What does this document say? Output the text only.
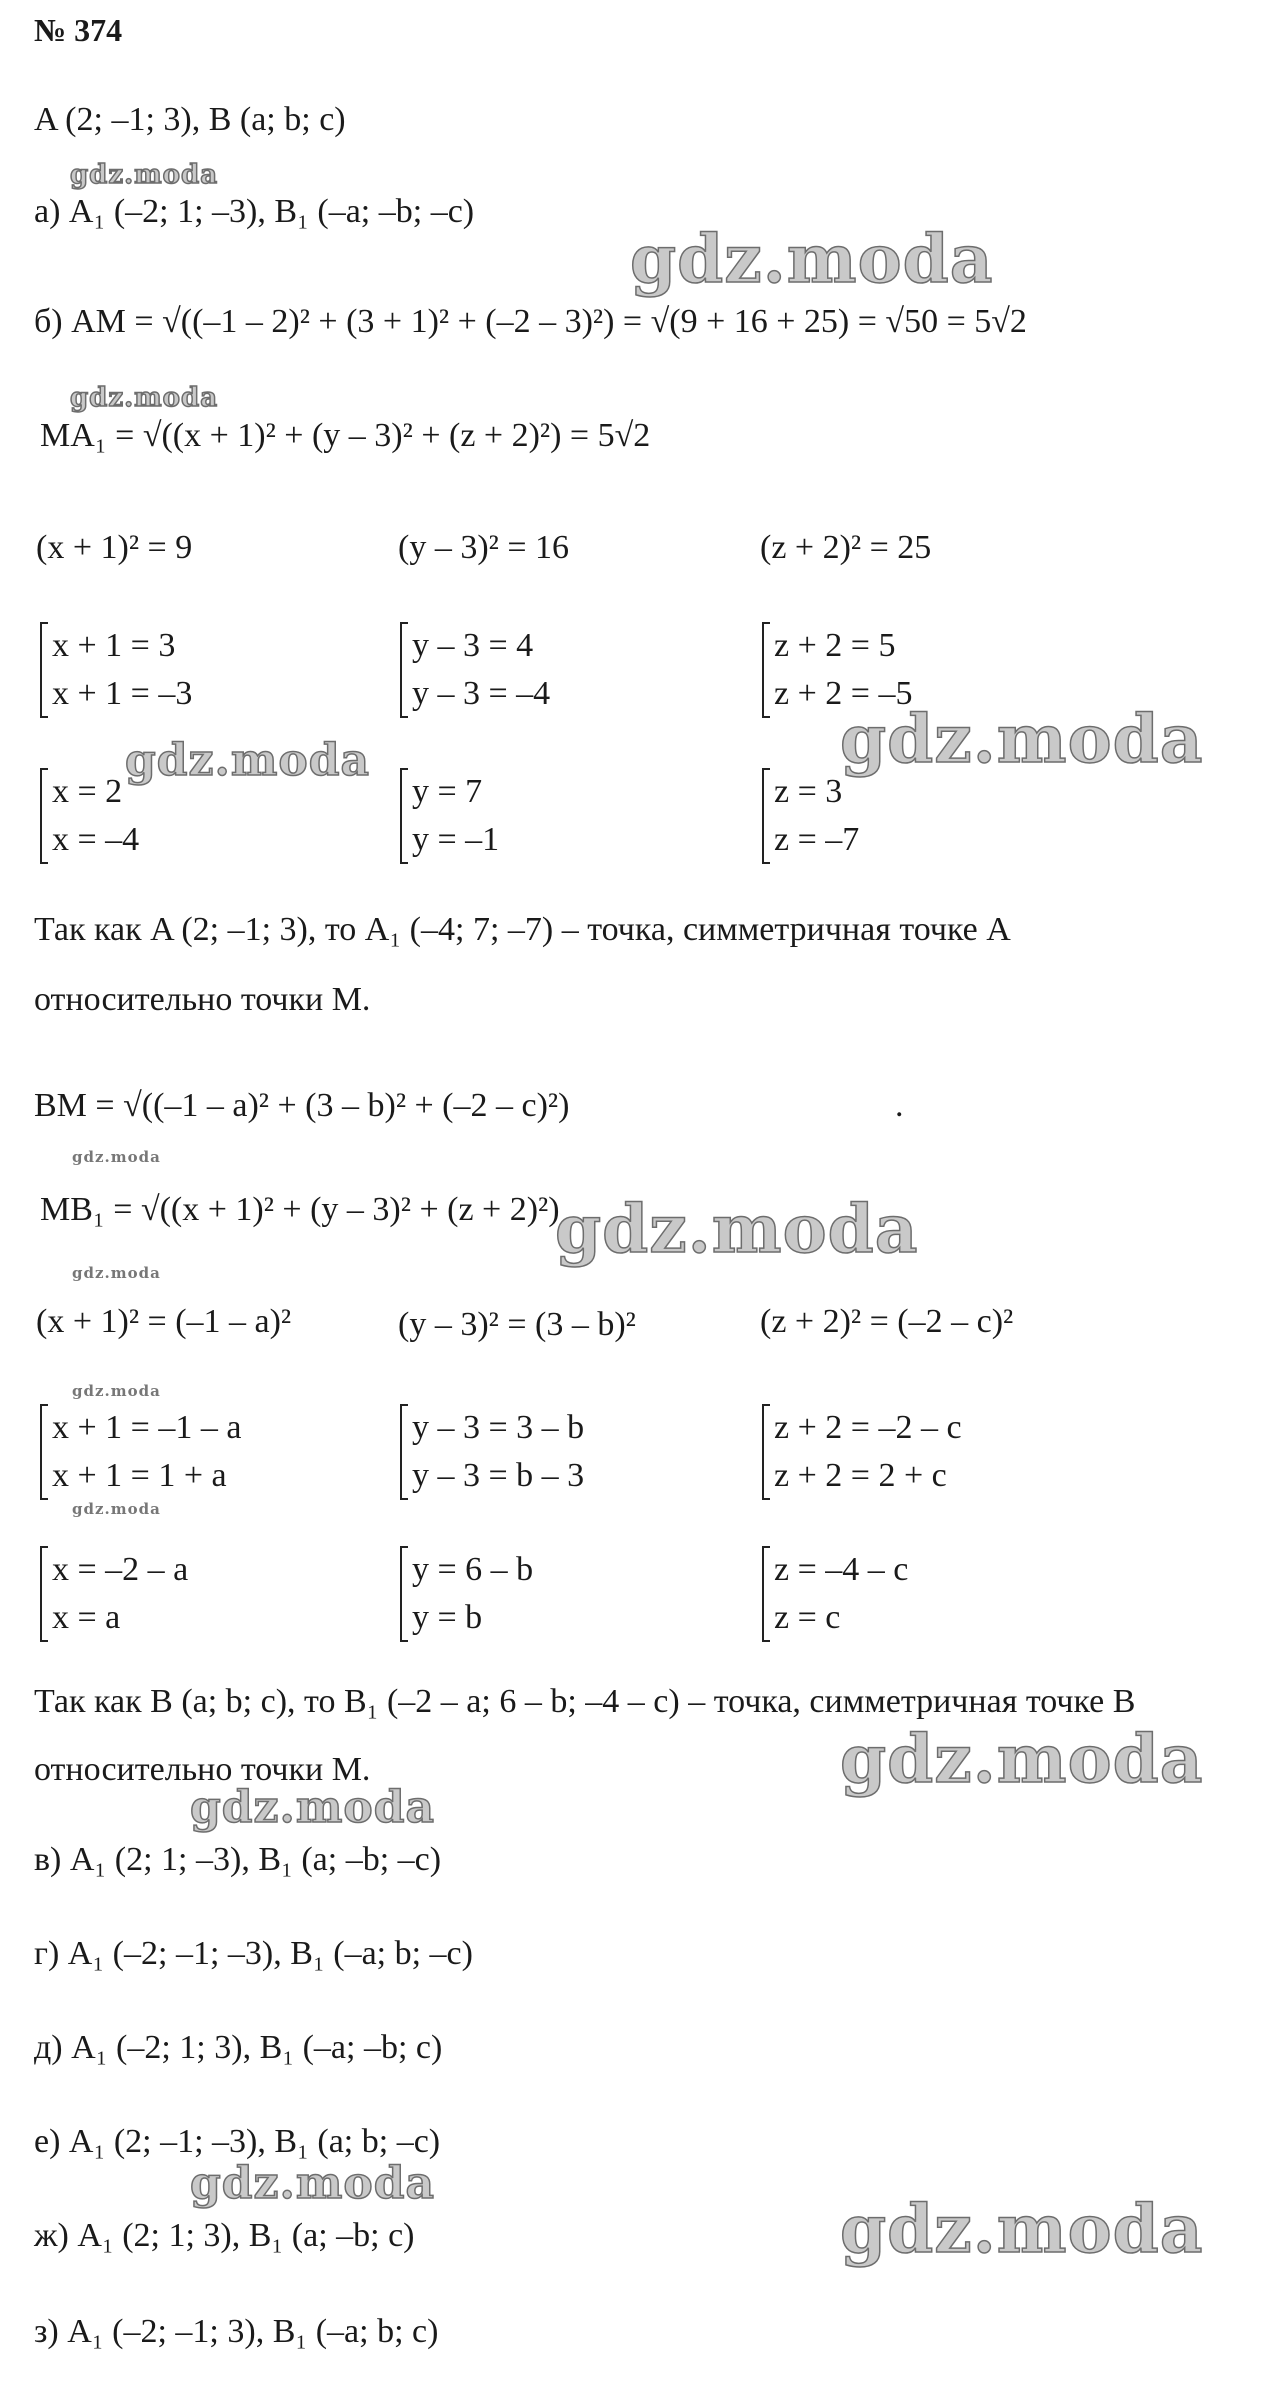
№ 374
A (2; –1; 3), B (a; b; c)
gdz.moda
а) A₁ (–2; 1; –3), B₁ (–a; –b; –c)
gdz.moda
б) AM = √((–1 – 2)² + (3 + 1)² + (–2 – 3)²) = √(9 + 16 + 25) = √50 = 5√2
gdz.moda
MA₁ = √((x + 1)² + (y – 3)² + (z + 2)²) = 5√2
(x + 1)² = 9	(y – 3)² = 16	(z + 2)² = 25
x + 1 = 3
x + 1 = –3
y – 3 = 4
y – 3 = –4
z + 2 = 5
z + 2 = –5
x = 2
x = –4
gdz.moda
y = 7
y = –1
z = 3
z = –7
gdz.moda
Так как A (2; –1; 3), то A₁ (–4; 7; –7) – точка, симметричная точке A
относительно точки M.
BM = √((–1 – a)² + (3 – b)² + (–2 – c)²)	.
gdz.moda
MB₁ = √((x + 1)² + (y – 3)² + (z + 2)²)
gdz.moda
gdz.moda
(x + 1)² = (–1 – a)²	(y – 3)² = (3 – b)²	(z + 2)² = (–2 – c)²
gdz.moda
x + 1 = –1 – a
x + 1 = 1 + a
y – 3 = 3 – b
y – 3 = b – 3
z + 2 = –2 – c
z + 2 = 2 + c
gdz.moda
x = –2 – a
x = a
y = 6 – b
y = b
z = –4 – c
z = c
Так как B (a; b; c), то B₁ (–2 – a; 6 – b; –4 – c) – точка, симметричная точке B
gdz.moda
относительно точки M.
gdz.moda
в) A₁ (2; 1; –3), B₁ (a; –b; –c)
г) A₁ (–2; –1; –3), B₁ (–a; b; –c)
д) A₁ (–2; 1; 3), B₁ (–a; –b; c)
е) A₁ (2; –1; –3), B₁ (a; b; –c)
gdz.moda
ж) A₁ (2; 1; 3), B₁ (a; –b; c)	gdz.moda
з) A₁ (–2; –1; 3), B₁ (–a; b; c)
